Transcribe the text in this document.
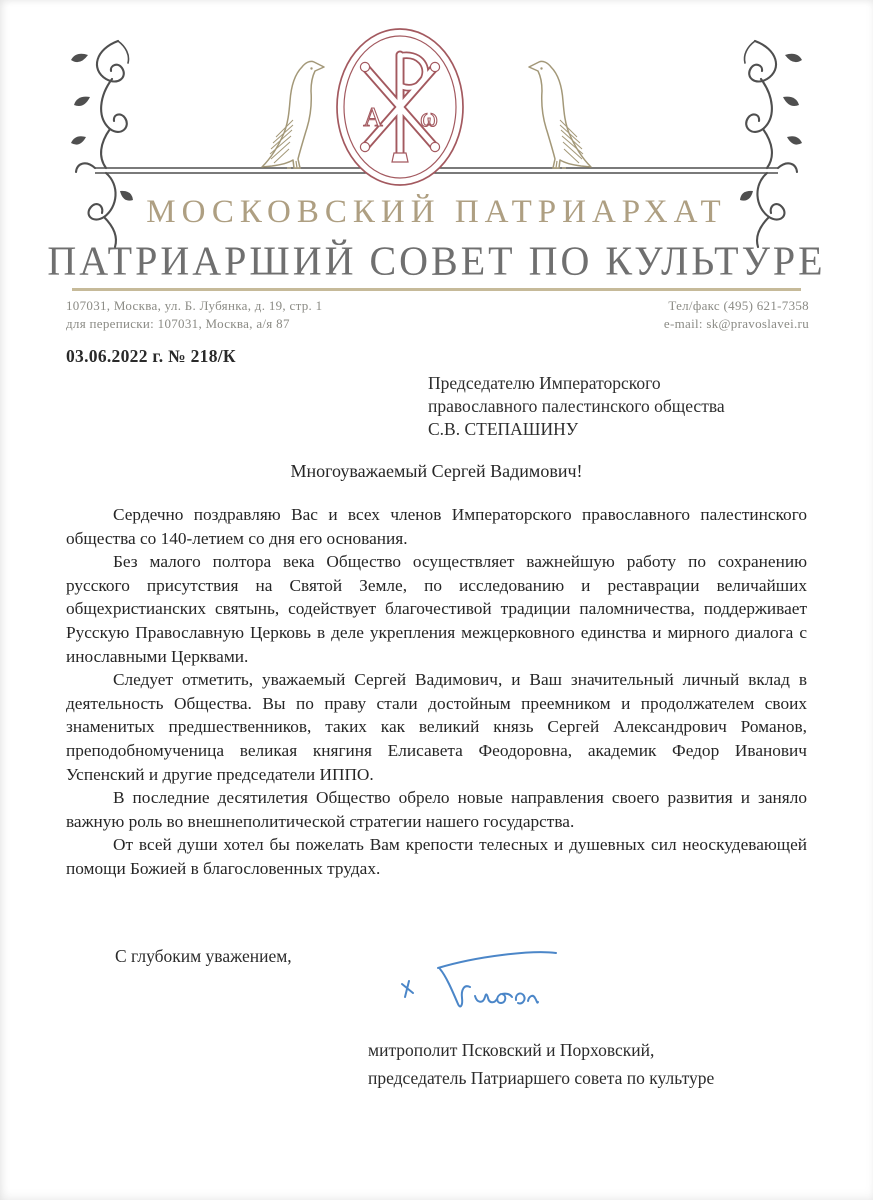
А ω
МОСКОВСКИЙ ПАТРИАРХАТ
ПАТРИАРШИЙ СОВЕТ ПО КУЛЬТУРЕ
107031, Москва, ул. Б. Лубянка, д. 19, стр. 1
для переписки: 107031, Москва, а/я 87
Тел/факс (495) 621-7358
e-mail: sk@pravoslavei.ru
03.06.2022 г. № 218/К
Председателю Императорского
православного палестинского общества
С.В. СТЕПАШИНУ
Многоуважаемый Сергей Вадимович!

Сердечно поздравляю Вас и всех членов Императорского православного палестинского общества со 140-летием со дня его основания.

Без малого полтора века Общество осуществляет важнейшую работу по сохранению русского присутствия на Святой Земле, по исследованию и реставрации величайших общехристианских святынь, содействует благочестивой традиции паломничества, поддерживает Русскую Православную Церковь в деле укрепления межцерковного единства и мирного диалога с инославными Церквами.

Следует отметить, уважаемый Сергей Вадимович, и Ваш значительный личный вклад в деятельность Общества. Вы по праву стали достойным преемником и продолжателем своих знаменитых предшественников, таких как великий князь Сергей Александрович Романов, преподобномученица великая княгиня Елисавета Феодоровна, академик Федор Иванович Успенский и другие председатели ИППО.

В последние десятилетия Общество обрело новые направления своего развития и заняло важную роль во внешнеполитической стратегии нашего государства.

От всей души хотел бы пожелать Вам крепости телесных и душевных сил неоскудевающей помощи Божией в благословенных трудах.

С глубоким уважением,
митрополит Псковский и Порховский,
председатель Патриаршего совета по культуре
